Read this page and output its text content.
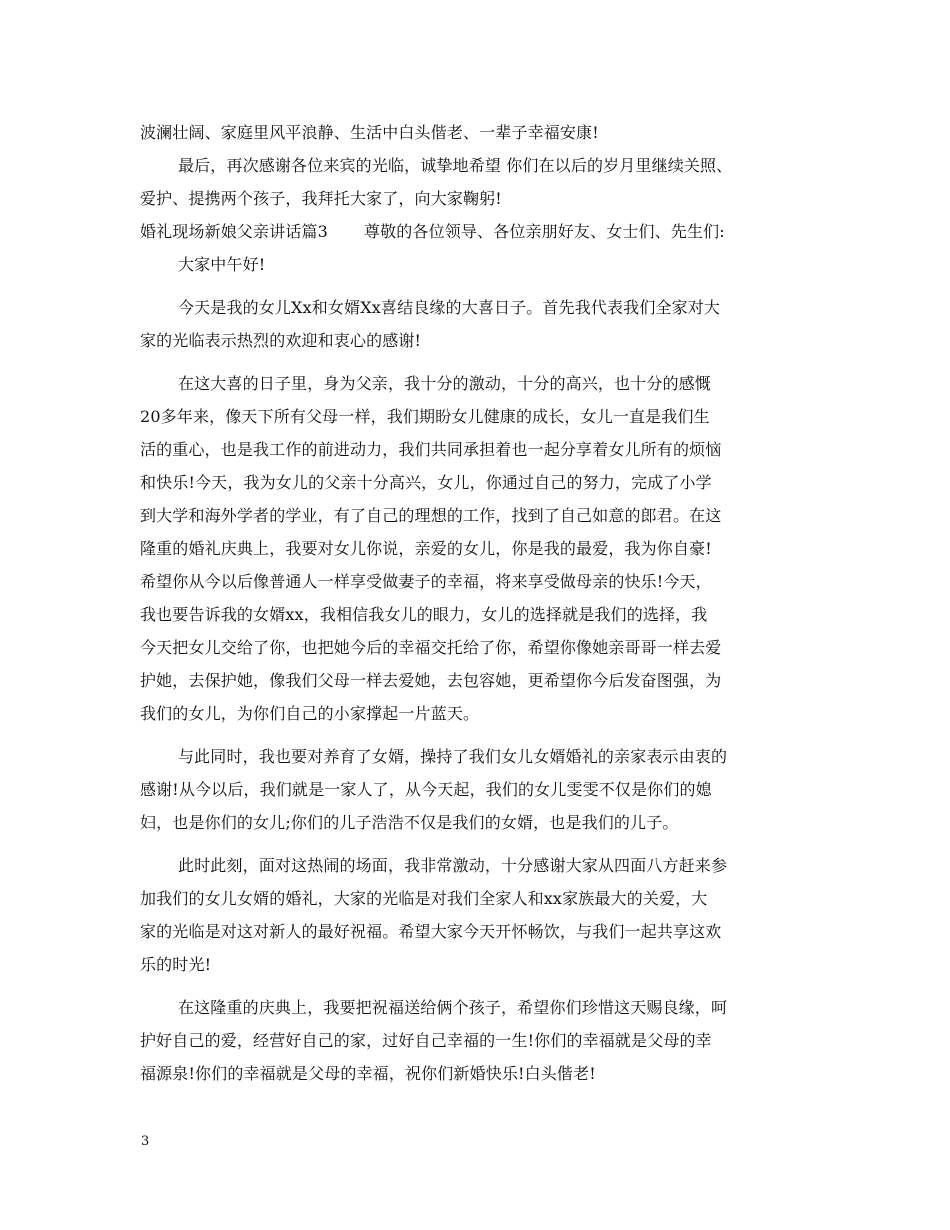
波澜壮阔、家庭里风平浪静、生活中白头偕老、一辈子幸福安康!
最后，再次感谢各位来宾的光临，诚挚地希望 你们在以后的岁月里继续关照、
爱护、提携两个孩子，我拜托大家了，向大家鞠躬!
婚礼现场新娘父亲讲话篇3 尊敬的各位领导、各位亲朋好友、女士们、先生们:
大家中午好!
今天是我的女儿Xx和女婿Xx喜结良缘的大喜日子。首先我代表我们全家对大
家的光临表示热烈的欢迎和衷心的感谢!
在这大喜的日子里，身为父亲，我十分的激动，十分的高兴，也十分的感慨
20多年来，像天下所有父母一样，我们期盼女儿健康的成长，女儿一直是我们生
活的重心，也是我工作的前进动力，我们共同承担着也一起分享着女儿所有的烦恼
和快乐!今天，我为女儿的父亲十分高兴，女儿，你通过自己的努力，完成了小学
到大学和海外学者的学业，有了自己的理想的工作，找到了自己如意的郎君。在这
隆重的婚礼庆典上，我要对女儿你说，亲爱的女儿，你是我的最爱，我为你自豪!
希望你从今以后像普通人一样享受做妻子的幸福，将来享受做母亲的快乐!今天，
我也要告诉我的女婿xx，我相信我女儿的眼力，女儿的选择就是我们的选择，我
今天把女儿交给了你，也把她今后的幸福交托给了你，希望你像她亲哥哥一样去爱
护她，去保护她，像我们父母一样去爱她，去包容她，更希望你今后发奋图强，为
我们的女儿，为你们自己的小家撑起一片蓝天。
与此同时，我也要对养育了女婿，操持了我们女儿女婿婚礼的亲家表示由衷的
感谢!从今以后，我们就是一家人了，从今天起，我们的女儿雯雯不仅是你们的媳
妇，也是你们的女儿;你们的儿子浩浩不仅是我们的女婿，也是我们的儿子。
此时此刻，面对这热闹的场面，我非常激动，十分感谢大家从四面八方赶来参
加我们的女儿女婿的婚礼，大家的光临是对我们全家人和xx家族最大的关爱，大
家的光临是对这对新人的最好祝福。希望大家今天开怀畅饮，与我们一起共享这欢
乐的时光!
在这隆重的庆典上，我要把祝福送给俩个孩子，希望你们珍惜这天赐良缘，呵
护好自己的爱，经营好自己的家，过好自己幸福的一生!你们的幸福就是父母的幸
福源泉!你们的幸福就是父母的幸福，祝你们新婚快乐!白头偕老!
3
